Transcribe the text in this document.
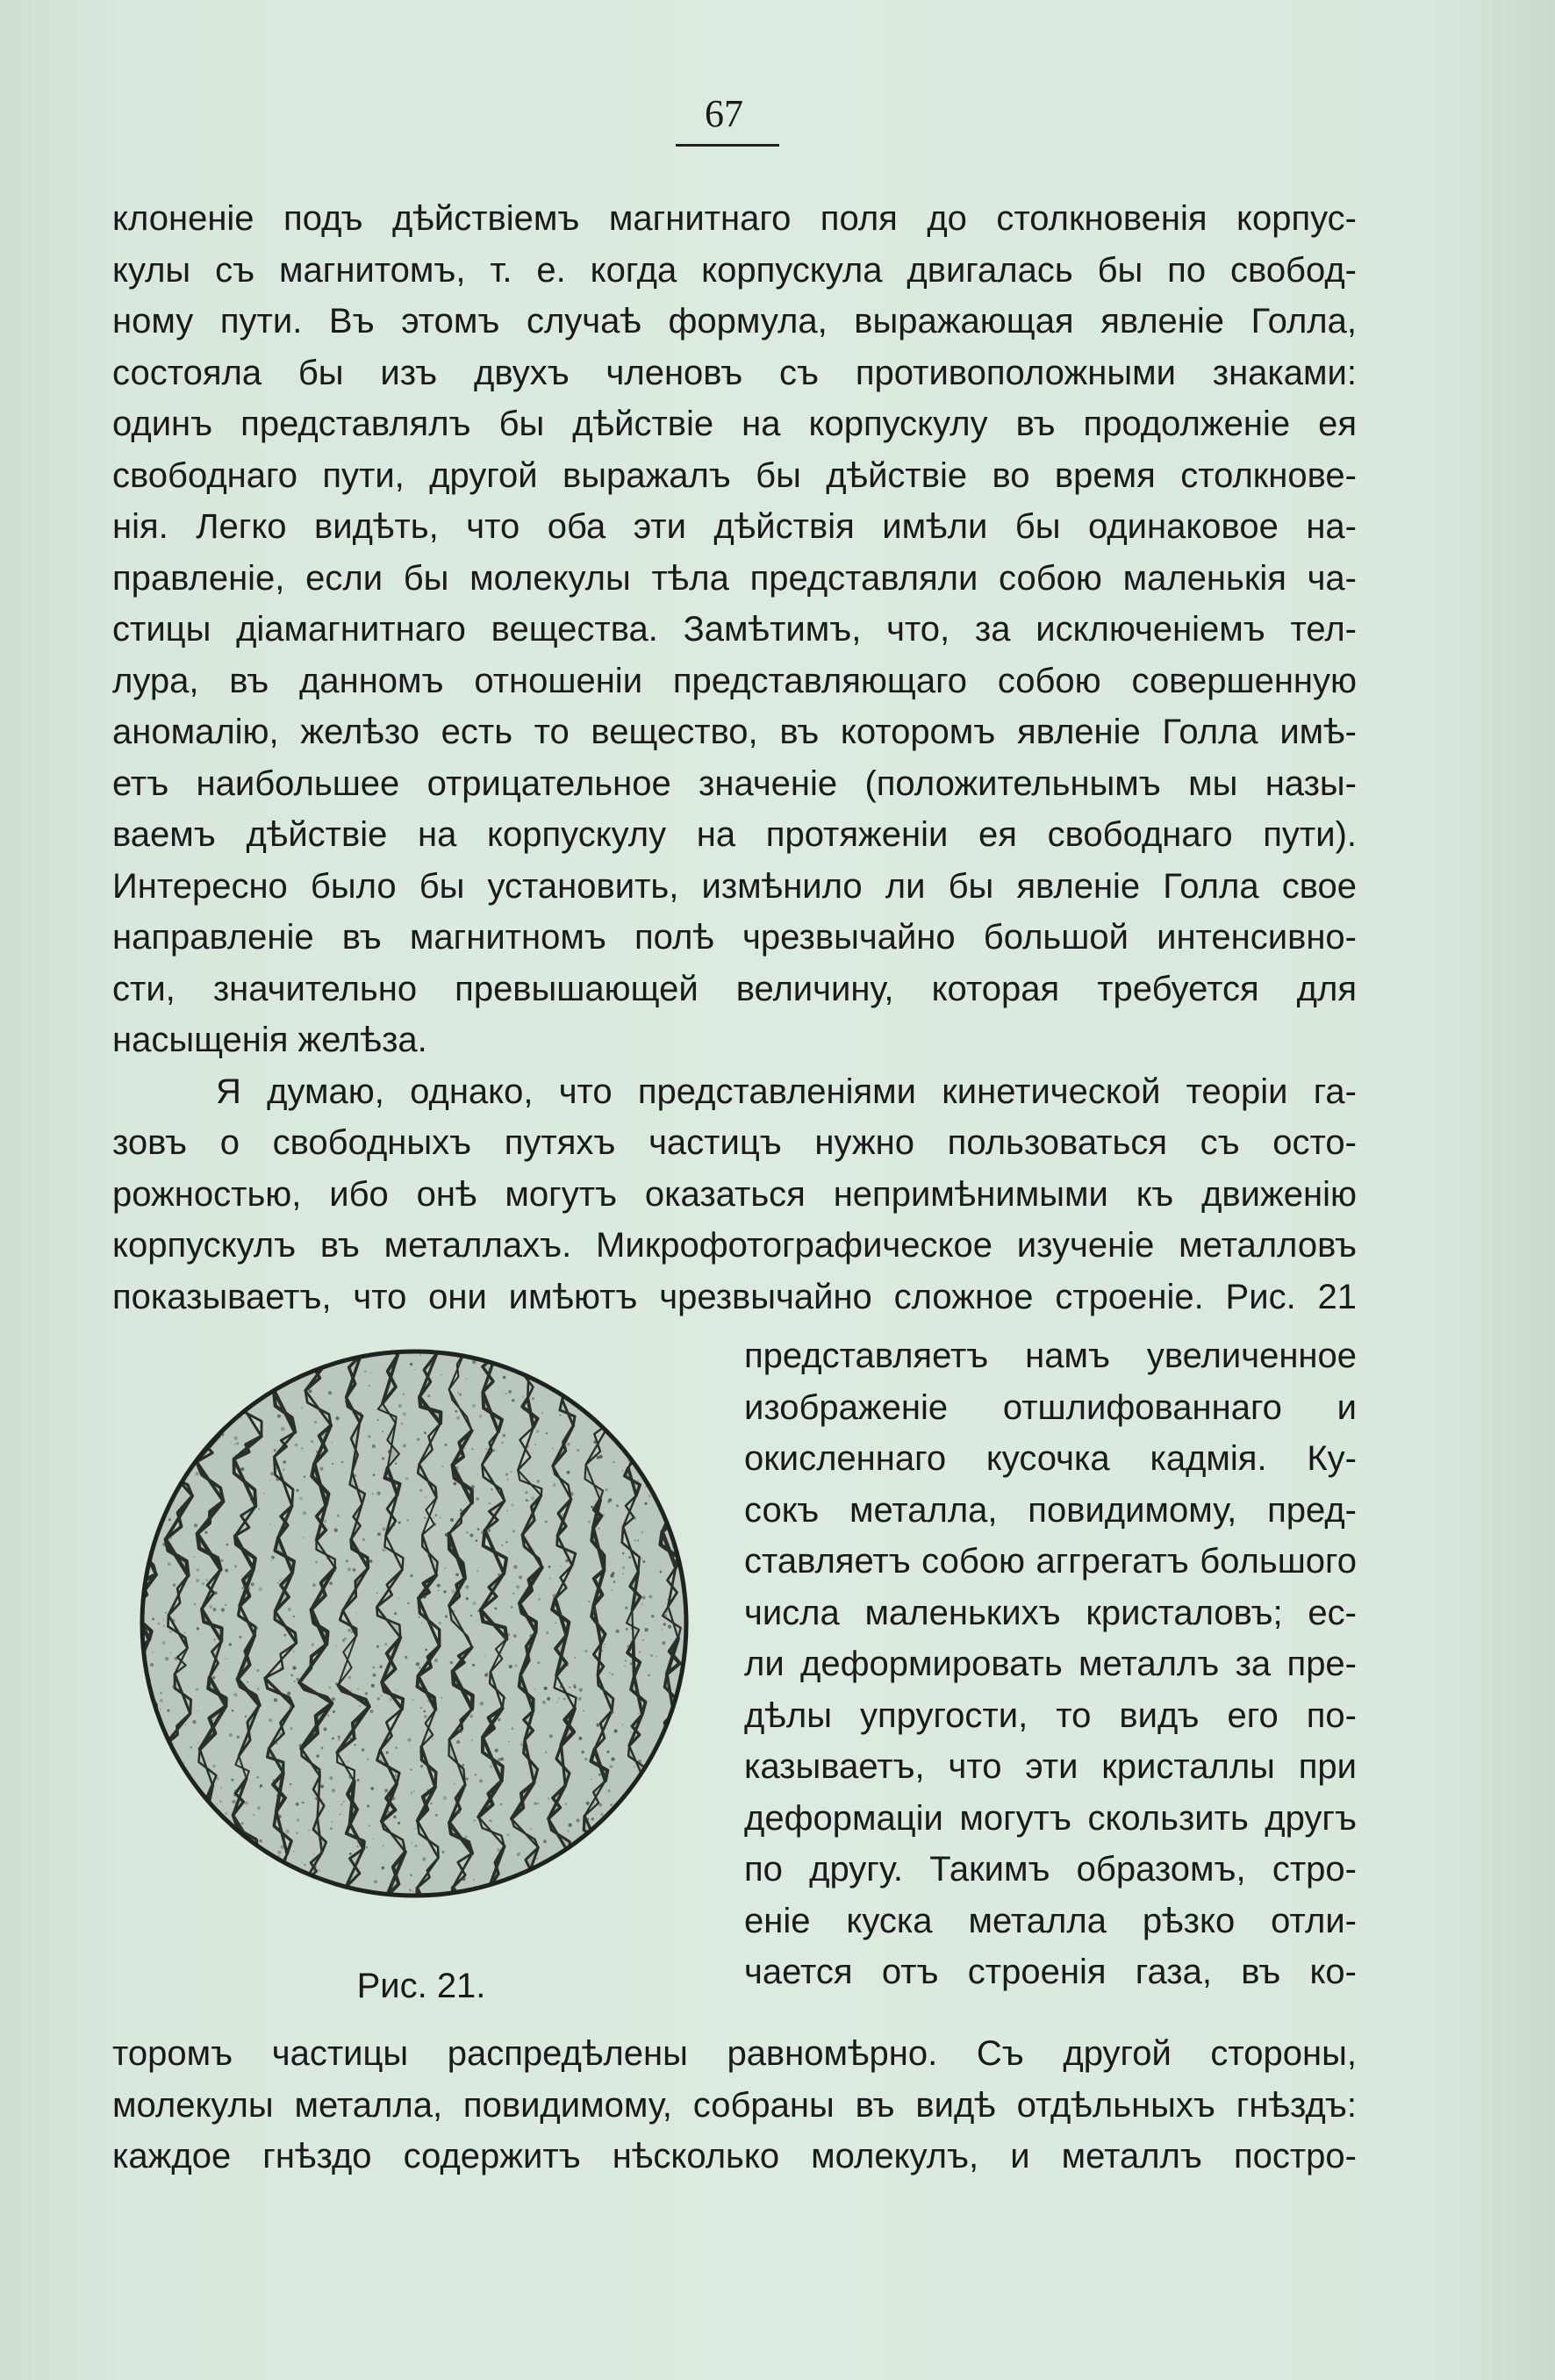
67
клоненіе подъ дѣйствіемъ магнитнаго поля до столкновенія корпус-
кулы съ магнитомъ, т. е. когда корпускула двигалась бы по свобод-
ному пути. Въ этомъ случаѣ формула, выражающая явленіе Голла,
состояла бы изъ двухъ членовъ съ противоположными знаками:
одинъ представлялъ бы дѣйствіе на корпускулу въ продолженіе ея
свободнаго пути, другой выражалъ бы дѣйствіе во время столкнове-
нія. Легко видѣть, что оба эти дѣйствія имѣли бы одинаковое на-
правленіе, если бы молекулы тѣла представляли собою маленькія ча-
стицы діамагнитнаго вещества. Замѣтимъ, что, за исключеніемъ тел-
лура, въ данномъ отношеніи представляющаго собою совершенную
аномалію, желѣзо есть то вещество, въ которомъ явленіе Голла имѣ-
етъ наибольшее отрицательное значеніе (положительнымъ мы назы-
ваемъ дѣйствіе на корпускулу на протяженіи ея свободнаго пути).
Интересно было бы установить, измѣнило ли бы явленіе Голла свое
направленіе въ магнитномъ полѣ чрезвычайно большой интенсивно-
сти, значительно превышающей величину, которая требуется для
насыщенія желѣза.
Я думаю, однако, что представленіями кинетической теоріи га-
зовъ о свободныхъ путяхъ частицъ нужно пользоваться съ осто-
рожностью, ибо онѣ могутъ оказаться непримѣнимыми къ движенію
корпускулъ въ металлахъ. Микрофотографическое изученіе металловъ
показываетъ, что они имѣютъ чрезвычайно сложное строеніе. Рис. 21
Рис. 21.
представляетъ намъ увеличенное
изображеніе отшлифованнаго и
окисленнаго кусочка кадмія. Ку-
сокъ металла, повидимому, пред-
ставляетъ собою аггрегатъ большого
числа маленькихъ кристаловъ; ес-
ли деформировать металлъ за пре-
дѣлы упругости, то видъ его по-
казываетъ, что эти кристаллы при
деформаціи могутъ скользить другъ
по другу. Такимъ образомъ, стро-
еніе куска металла рѣзко отли-
чается отъ строенія газа, въ ко-
торомъ частицы распредѣлены равномѣрно. Съ другой стороны,
молекулы металла, повидимому, собраны въ видѣ отдѣльныхъ гнѣздъ:
каждое гнѣздо содержитъ нѣсколько молекулъ, и металлъ постро-
